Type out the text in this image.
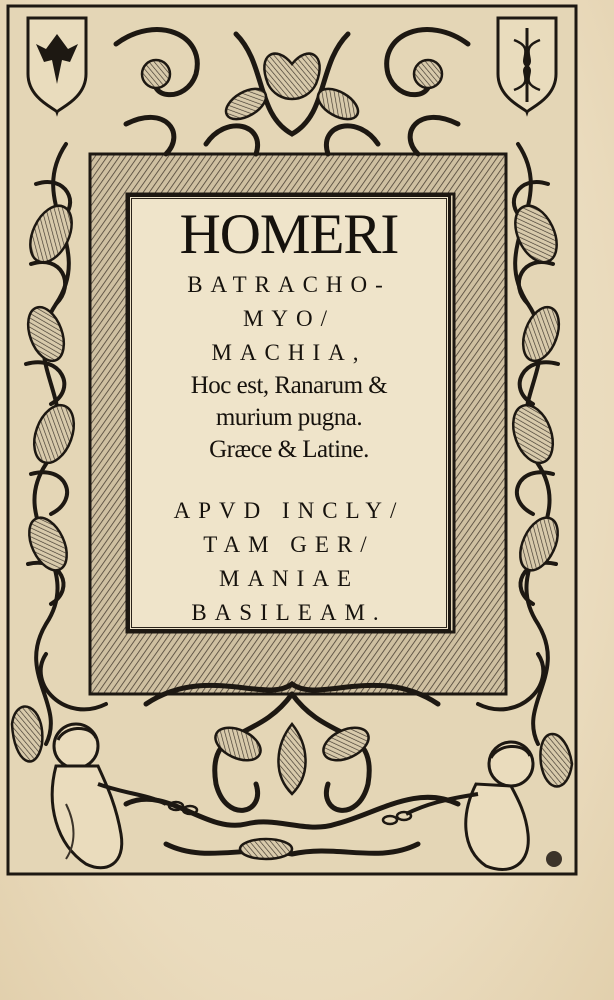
HOMERI
BATRACHO-
MYO/
MACHIA,
Hoc est, Ranarum &
murium pugna.
Græce & Latine.
APVD INCLY/
TAM GER/
MANIAE
BASILEAM.
